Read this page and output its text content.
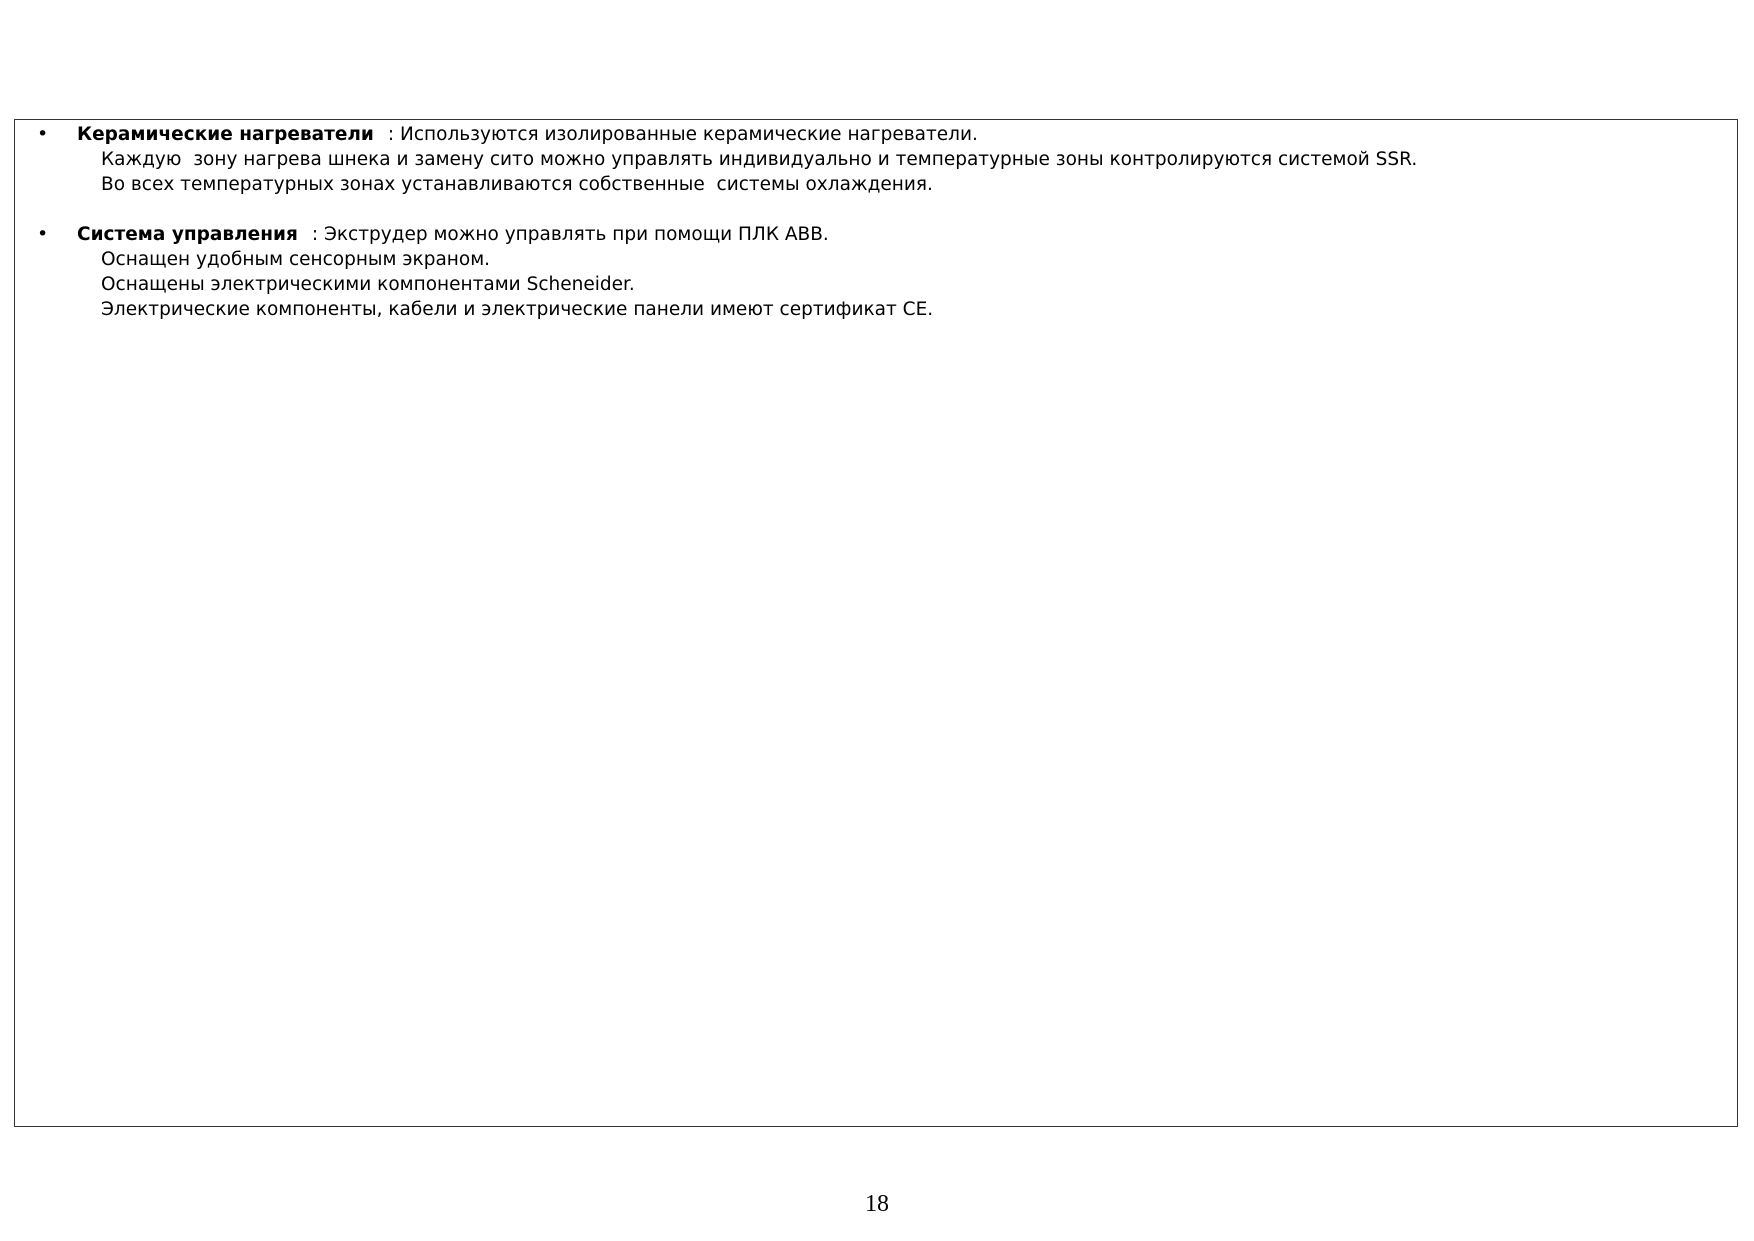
• Керамические нагреватели : Используются изолированные керамические нагреватели.
Каждую  зону нагрева шнека и замену сито можно управлять индивидуально и температурные зоны контролируются системой SSR.
Во всех температурных зонах устанавливаются собственные  системы охлаждения.
• Система управления : Экструдер можно управлять при помощи ПЛК ABB.
Оснащен удобным сенсорным экраном.
Оснащены электрическими компонентами Scheneider.
Электрические компоненты, кабели и электрические панели имеют сертификат CE.
18
